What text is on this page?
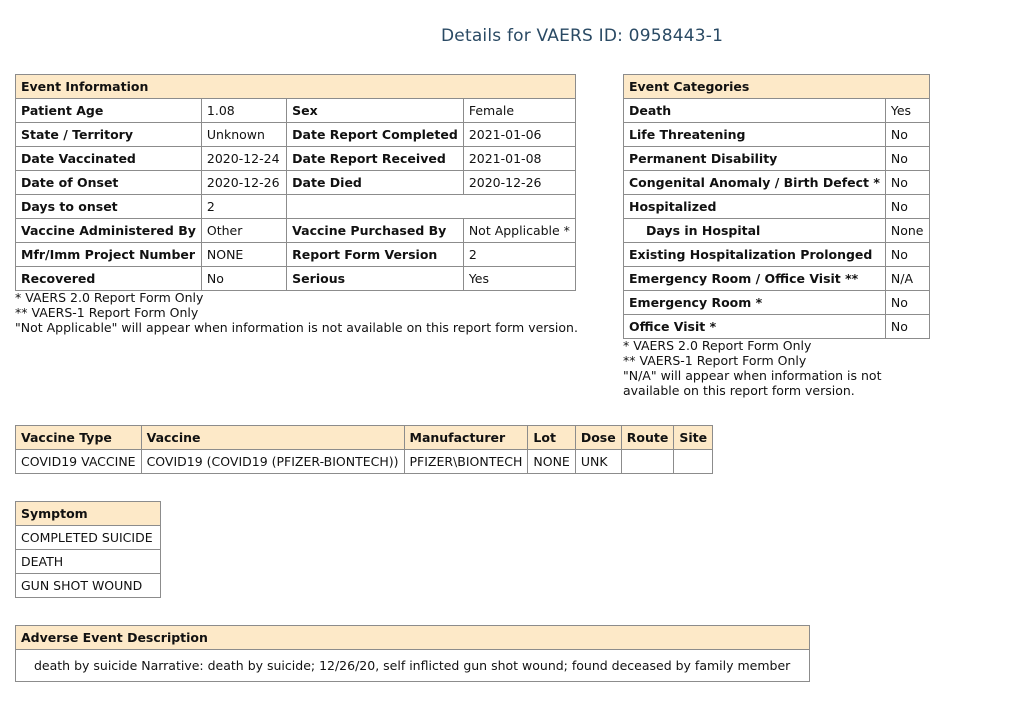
Details for VAERS ID: 0958443-1
Event Information			
Patient Age	1.08	Sex	Female
State / Territory	Unknown	Date Report Completed	2021-01-06
Date Vaccinated	2020-12-24	Date Report Received	2021-01-08
Date of Onset	2020-12-26	Date Died	2020-12-26
Days to onset	2		
Vaccine Administered By	Other	Vaccine Purchased By	Not Applicable *
Mfr/Imm Project Number	NONE	Report Form Version	2
Recovered	No	Serious	Yes
* VAERS 2.0 Report Form Only
** VAERS-1 Report Form Only
"Not Applicable" will appear when information is not available on this report form version.
Event Categories	
Death	Yes
Life Threatening	No
Permanent Disability	No
Congenital Anomaly / Birth Defect *	No
Hospitalized	No
Days in Hospital	None
Existing Hospitalization Prolonged	No
Emergency Room / Office Visit **	N/A
Emergency Room *	No
Office Visit *	No
* VAERS 2.0 Report Form Only
** VAERS-1 Report Form Only
"N/A" will appear when information is not available on this report form version.
Vaccine Type	Vaccine	Manufacturer	Lot	Dose	Route	Site
COVID19 VACCINE	COVID19 (COVID19 (PFIZER-BIONTECH))	PFIZER\BIONTECH	NONE	UNK		
Symptom
COMPLETED SUICIDE
DEATH
GUN SHOT WOUND
Adverse Event Description
death by suicide Narrative: death by suicide; 12/26/20, self inflicted gun shot wound; found deceased by family member
